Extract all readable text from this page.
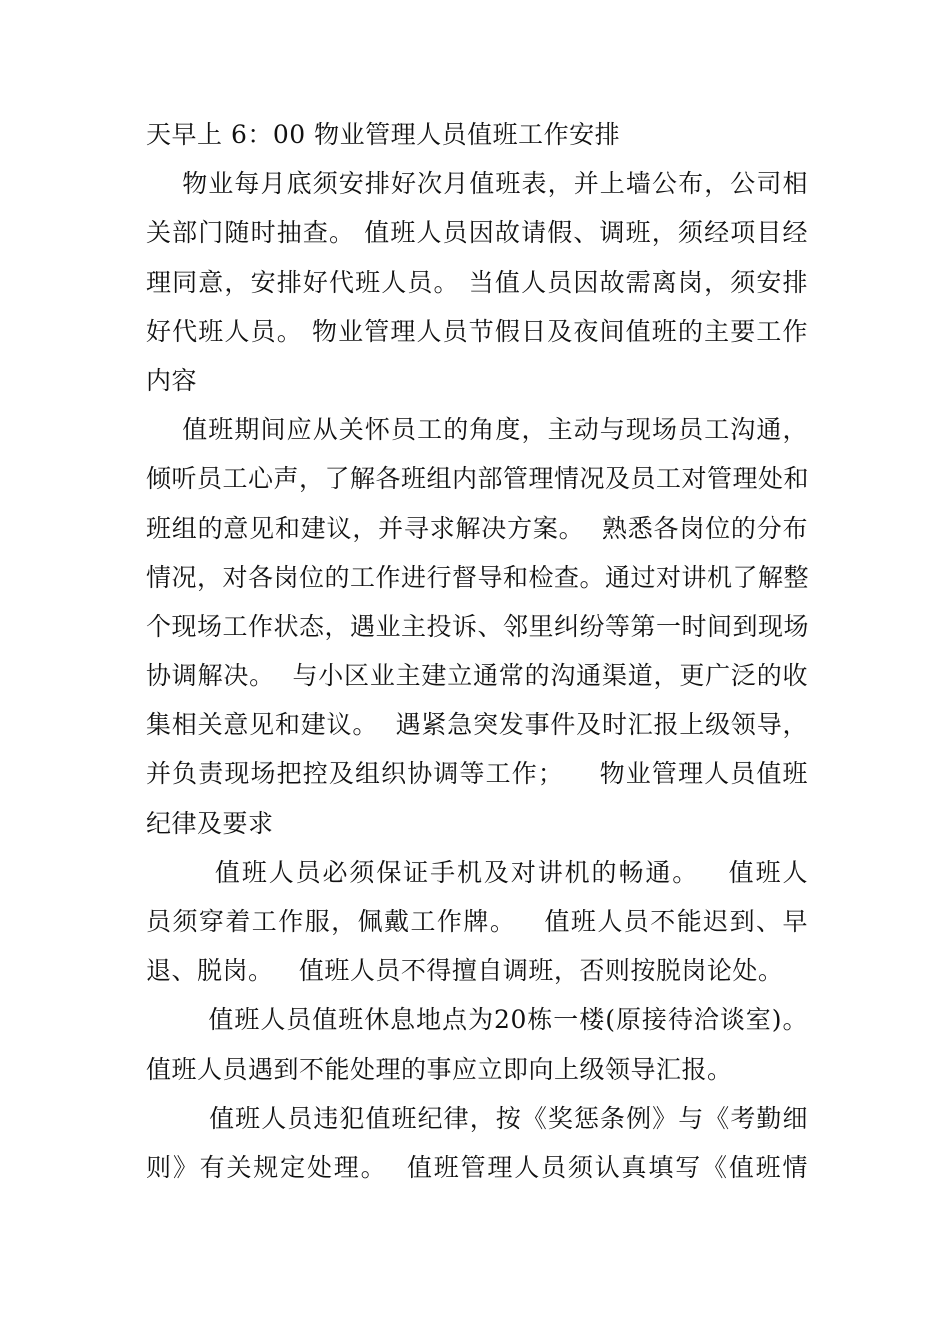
天早上 6：00 物业管理人员值班工作安排
物业每月底须安排好次月值班表，并上墙公布，公司相
关部门随时抽查。 值班人员因故请假、调班，须经项目经
理同意，安排好代班人员。 当值人员因故需离岗，须安排
好代班人员。 物业管理人员节假日及夜间值班的主要工作
内容
值班期间应从关怀员工的角度，主动与现场员工沟通，
倾听员工心声，了解各班组内部管理情况及员工对管理处和
班组的意见和建议，并寻求解决方案。  熟悉各岗位的分布
情况，对各岗位的工作进行督导和检查。通过对讲机了解整
个现场工作状态，遇业主投诉、邻里纠纷等第一时间到现场
协调解决。  与小区业主建立通常的沟通渠道，更广泛的收
集相关意见和建议。  遇紧急突发事件及时汇报上级领导，
并负责现场把控及组织协调等工作；    物业管理人员值班
纪律及要求
值班人员必须保证手机及对讲机的畅通。   值班人
员须穿着工作服，佩戴工作牌。   值班人员不能迟到、早
退、脱岗。   值班人员不得擅自调班，否则按脱岗论处。
值班人员值班休息地点为20栋一楼(原接待洽谈室)。
值班人员遇到不能处理的事应立即向上级领导汇报。
值班人员违犯值班纪律，按《奖惩条例》与《考勤细
则》有关规定处理。  值班管理人员须认真填写《值班情
